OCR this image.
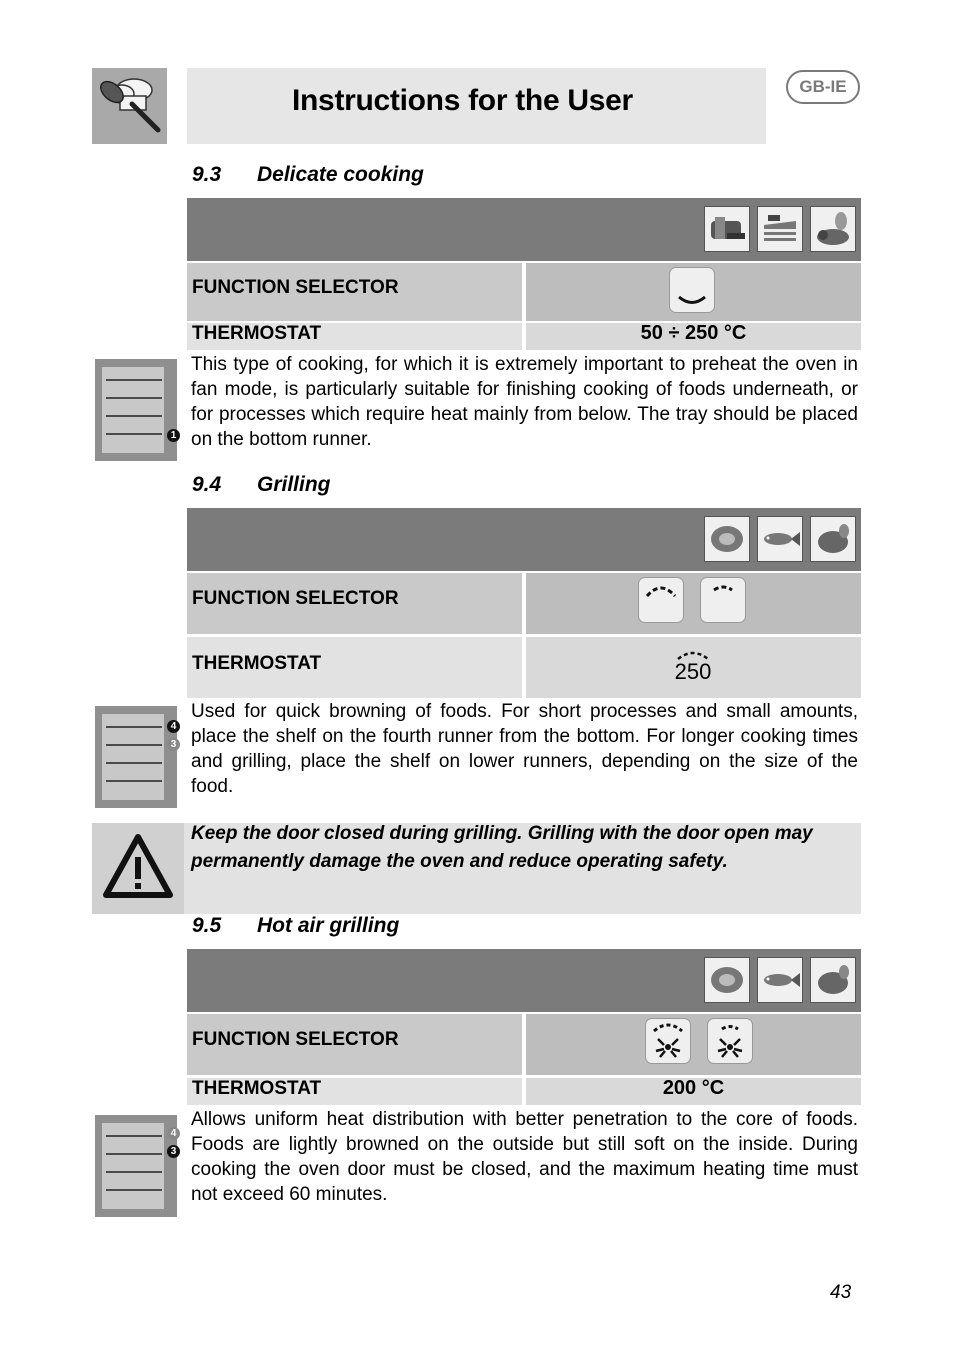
Instructions for the User	GB-IE
9.3 Delicate cooking
FUNCTION SELECTOR
THERMOSTAT	50 ÷ 250 °C
1
This type of cooking, for which it is extremely important to preheat the oven in fan mode, is particularly suitable for finishing cooking of foods underneath, or for processes which require heat mainly from below. The tray should be placed on the bottom runner.
9.4 Grilling
FUNCTION SELECTOR
THERMOSTAT	250
4
3
Used for quick browning of foods. For short processes and small amounts, place the shelf on the fourth runner from the bottom. For longer cooking times and grilling, place the shelf on lower runners, depending on the size of the food.
Keep the door closed during grilling. Grilling with the door open may permanently damage the oven and reduce operating safety.
9.5 Hot air grilling
FUNCTION SELECTOR
THERMOSTAT	200 °C
4
3
Allows uniform heat distribution with better penetration to the core of foods. Foods are lightly browned on the outside but still soft on the inside. During cooking the oven door must be closed, and the maximum heating time must not exceed 60 minutes.
43
